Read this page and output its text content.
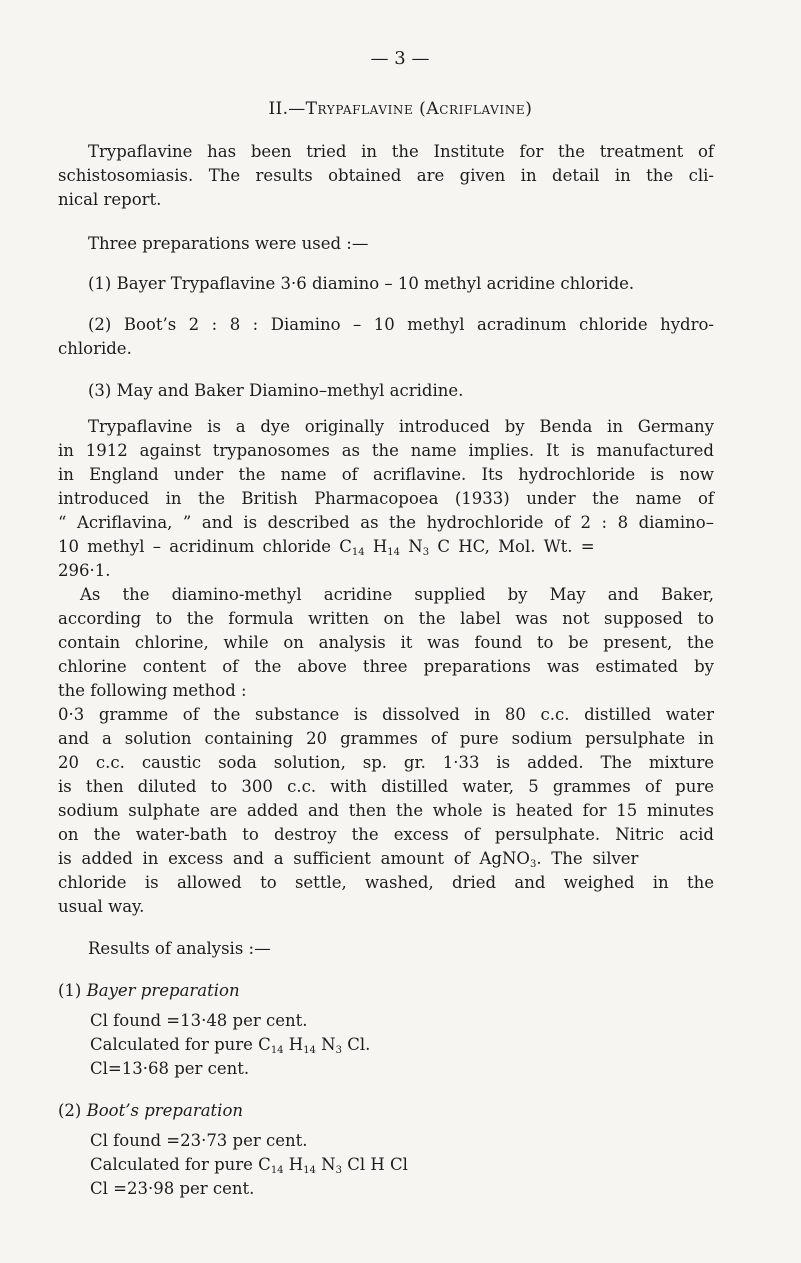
— 3 —
II.—Trypaflavine (Acriflavine)
Trypaflavine has been tried in the Institute for the treatment of
schistosomiasis. The results obtained are given in detail in the cli-
nical report.
Three preparations were used :—
(1) Bayer Trypaflavine 3·6 diamino – 10 methyl acridine chloride.
(2) Boot’s 2 : 8 : Diamino – 10 methyl acradinum chloride hydro-
chloride.
(3) May and Baker Diamino–methyl acridine.
Trypaflavine is a dye originally introduced by Benda in Germany
in 1912 against trypanosomes as the name implies. It is manufactured
in England under the name of acriflavine. Its hydrochloride is now
introduced in the British Pharmacopoea (1933) under the name of
“ Acriflavina, ” and is described as the hydrochloride of 2 : 8 diamino–
10 methyl – acridinum chloride $C_{14}$ $H_{14}$ $N_3$ C HC, Mol. Wt. =
296·1.
As the diamino-methyl acridine supplied by May and Baker,
according to the formula written on the label was not supposed to
contain chlorine, while on analysis it was found to be present, the
chlorine content of the above three preparations was estimated by
the following method :
0·3 gramme of the substance is dissolved in 80 c.c. distilled water
and a solution containing 20 grammes of pure sodium persulphate in
20 c.c. caustic soda solution, sp. gr. 1·33 is added. The mixture
is then diluted to 300 c.c. with distilled water, 5 grammes of pure
sodium sulphate are added and then the whole is heated for 15 minutes
on the water-bath to destroy the excess of persulphate. Nitric acid
is added in excess and a sufficient amount of AgNO$_3$. The silver
chloride is allowed to settle, washed, dried and weighed in the
usual way.
Results of analysis :—
(1) Bayer preparation
Cl found =13·48 per cent.
Calculated for pure $C_{14}$ $H_{14}$ $N_3$ Cl.
Cl=13·68 per cent.
(2) Boot’s preparation
Cl found =23·73 per cent.
Calculated for pure $C_{14}$ $H_{14}$ $N_3$ Cl H Cl
Cl =23·98 per cent.
